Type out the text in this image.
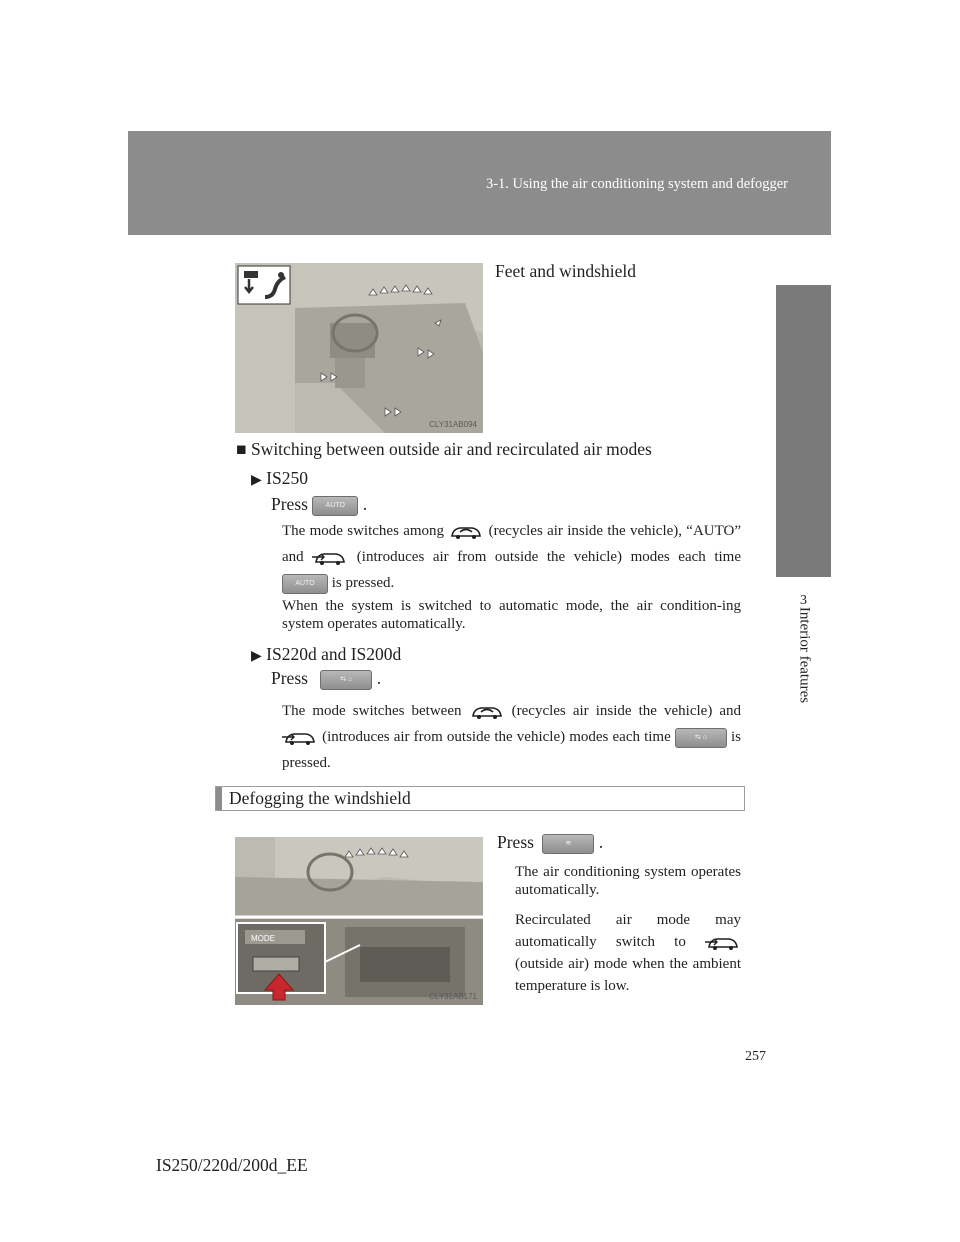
3-1. Using the air conditioning system and defogger
3
Interior features
CLY31AB094
Feet and windshield
■ Switching between outside air and recirculated air modes
▶ IS250
Press	AUTO .
The mode switches among	(recycles air inside the vehicle), “AUTO” and	(introduces air from outside the vehicle) modes each time AUTO is pressed.
When the system is switched to automatic mode, the air condition-ing system operates automatically.
▶ IS220d and IS200d
Press	⇆ ⌂ .
The mode switches between	(recycles air inside the vehicle) and  (introduces air from outside the vehicle) modes each time	⇆ ⌂ is pressed.
Defogging the windshield
Press	≋ .
The air conditioning system operates automatically.
Recirculated air mode may automatically switch to  (outside air) mode when the ambient temperature is low.
MODE
CLY31AB171
257
IS250/220d/200d_EE
